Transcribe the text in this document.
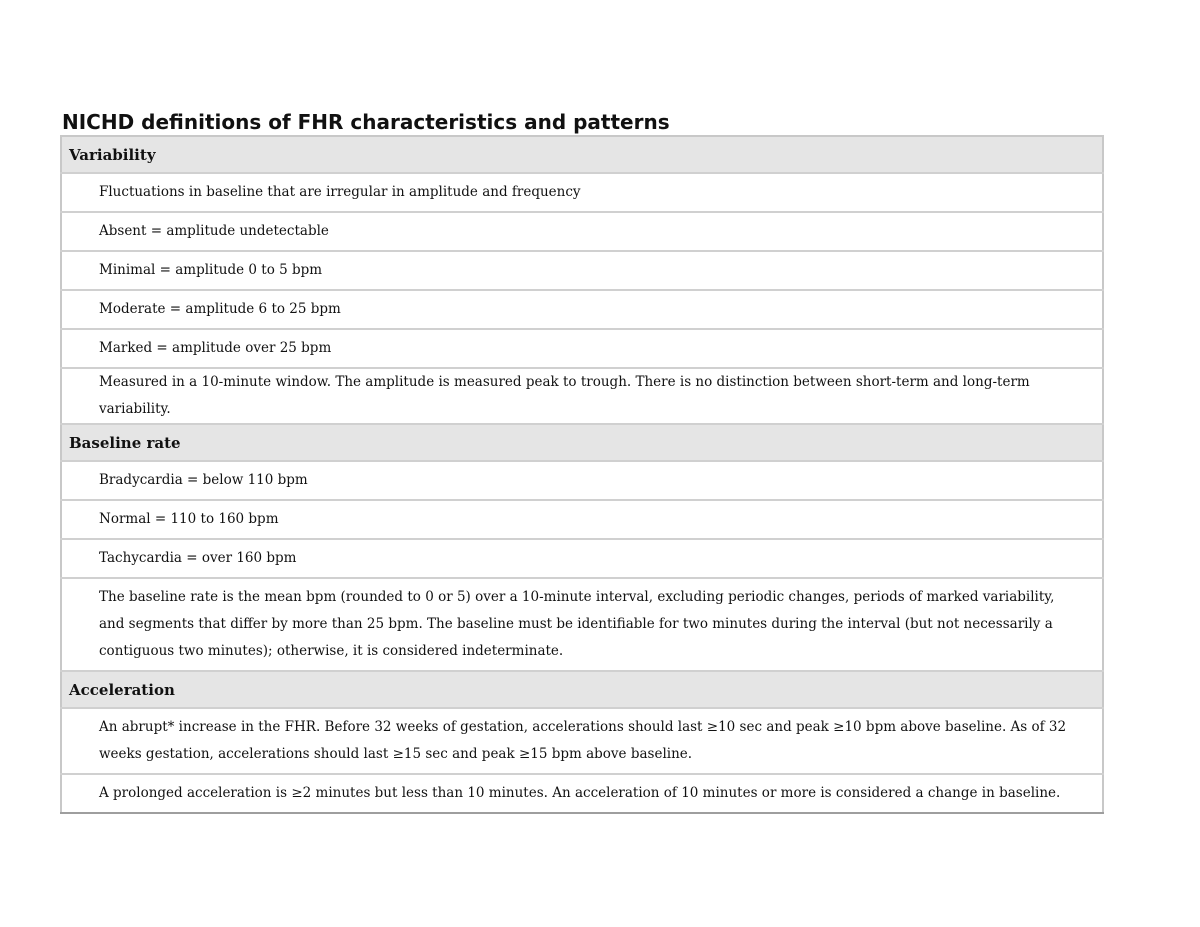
NICHD definitions of FHR characteristics and patterns
Variability
Fluctuations in baseline that are irregular in amplitude and frequency
Absent = amplitude undetectable
Minimal = amplitude 0 to 5 bpm
Moderate = amplitude 6 to 25 bpm
Marked = amplitude over 25 bpm
Measured in a 10-minute window. The amplitude is measured peak to trough. There is no distinction between short-term and long-term variability.
Baseline rate
Bradycardia = below 110 bpm
Normal = 110 to 160 bpm
Tachycardia = over 160 bpm
The baseline rate is the mean bpm (rounded to 0 or 5) over a 10-minute interval, excluding periodic changes, periods of marked variability, and segments that differ by more than 25 bpm. The baseline must be identifiable for two minutes during the interval (but not necessarily a contiguous two minutes); otherwise, it is considered indeterminate.
Acceleration
An abrupt* increase in the FHR. Before 32 weeks of gestation, accelerations should last ≥10 sec and peak ≥10 bpm above baseline. As of 32 weeks gestation, accelerations should last ≥15 sec and peak ≥15 bpm above baseline.
A prolonged acceleration is ≥2 minutes but less than 10 minutes. An acceleration of 10 minutes or more is considered a change in baseline.
